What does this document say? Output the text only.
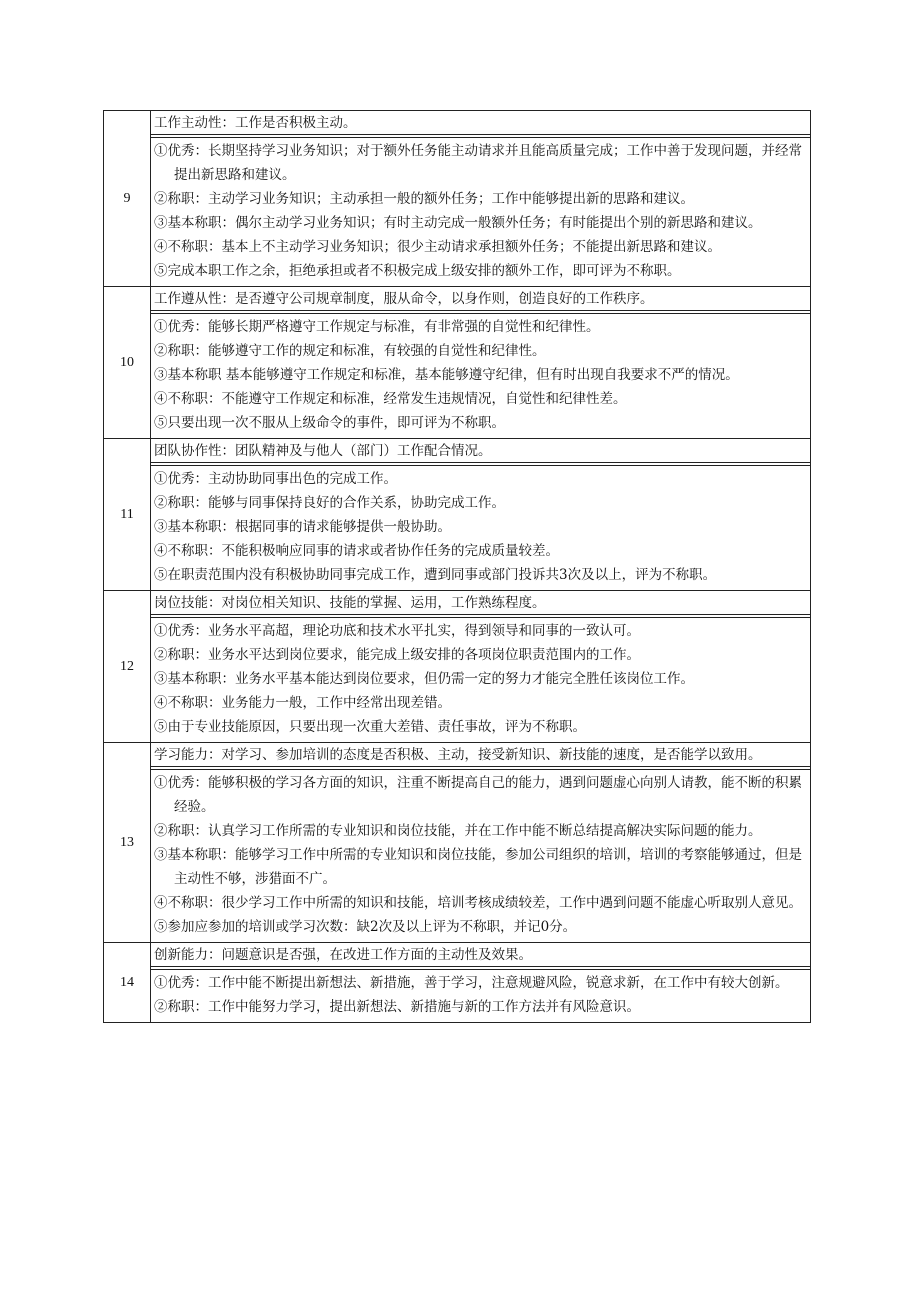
9
工作主动性：工作是否积极主动。
①优秀：长期坚持学习业务知识；对于额外任务能主动请求并且能高质量完成；工作中善于发现问题，并经常提出新思路和建议。
②称职：主动学习业务知识；主动承担一般的额外任务；工作中能够提出新的思路和建议。
③基本称职：偶尔主动学习业务知识；有时主动完成一般额外任务；有时能提出个别的新思路和建议。
④不称职：基本上不主动学习业务知识；很少主动请求承担额外任务；不能提出新思路和建议。
⑤完成本职工作之余，拒绝承担或者不积极完成上级安排的额外工作，即可评为不称职。
10
工作遵从性：是否遵守公司规章制度，服从命令，以身作则，创造良好的工作秩序。
①优秀：能够长期严格遵守工作规定与标准，有非常强的自觉性和纪律性。
②称职：能够遵守工作的规定和标准，有较强的自觉性和纪律性。
③基本称职 基本能够遵守工作规定和标准，基本能够遵守纪律，但有时出现自我要求不严的情况。
④不称职：不能遵守工作规定和标准，经常发生违规情况，自觉性和纪律性差。
⑤只要出现一次不服从上级命令的事件，即可评为不称职。
11
团队协作性：团队精神及与他人（部门）工作配合情况。
①优秀：主动协助同事出色的完成工作。
②称职：能够与同事保持良好的合作关系，协助完成工作。
③基本称职：根据同事的请求能够提供一般协助。
④不称职：不能积极响应同事的请求或者协作任务的完成质量较差。
⑤在职责范围内没有积极协助同事完成工作，遭到同事或部门投诉共3次及以上，评为不称职。
12
岗位技能：对岗位相关知识、技能的掌握、运用，工作熟练程度。
①优秀：业务水平高超，理论功底和技术水平扎实，得到领导和同事的一致认可。
②称职：业务水平达到岗位要求，能完成上级安排的各项岗位职责范围内的工作。
③基本称职：业务水平基本能达到岗位要求，但仍需一定的努力才能完全胜任该岗位工作。
④不称职：业务能力一般，工作中经常出现差错。
⑤由于专业技能原因，只要出现一次重大差错、责任事故，评为不称职。
13
学习能力：对学习、参加培训的态度是否积极、主动，接受新知识、新技能的速度，是否能学以致用。
①优秀：能够积极的学习各方面的知识，注重不断提高自己的能力，遇到问题虚心向别人请教，能不断的积累经验。
②称职：认真学习工作所需的专业知识和岗位技能，并在工作中能不断总结提高解决实际问题的能力。
③基本称职：能够学习工作中所需的专业知识和岗位技能，参加公司组织的培训，培训的考察能够通过，但是主动性不够，涉猎面不广。
④不称职：很少学习工作中所需的知识和技能，培训考核成绩较差，工作中遇到问题不能虚心听取别人意见。
⑤参加应参加的培训或学习次数：缺2次及以上评为不称职，并记0分。
14
创新能力：问题意识是否强，在改进工作方面的主动性及效果。
①优秀：工作中能不断提出新想法、新措施，善于学习，注意规避风险，锐意求新，在工作中有较大创新。
②称职：工作中能努力学习，提出新想法、新措施与新的工作方法并有风险意识。
